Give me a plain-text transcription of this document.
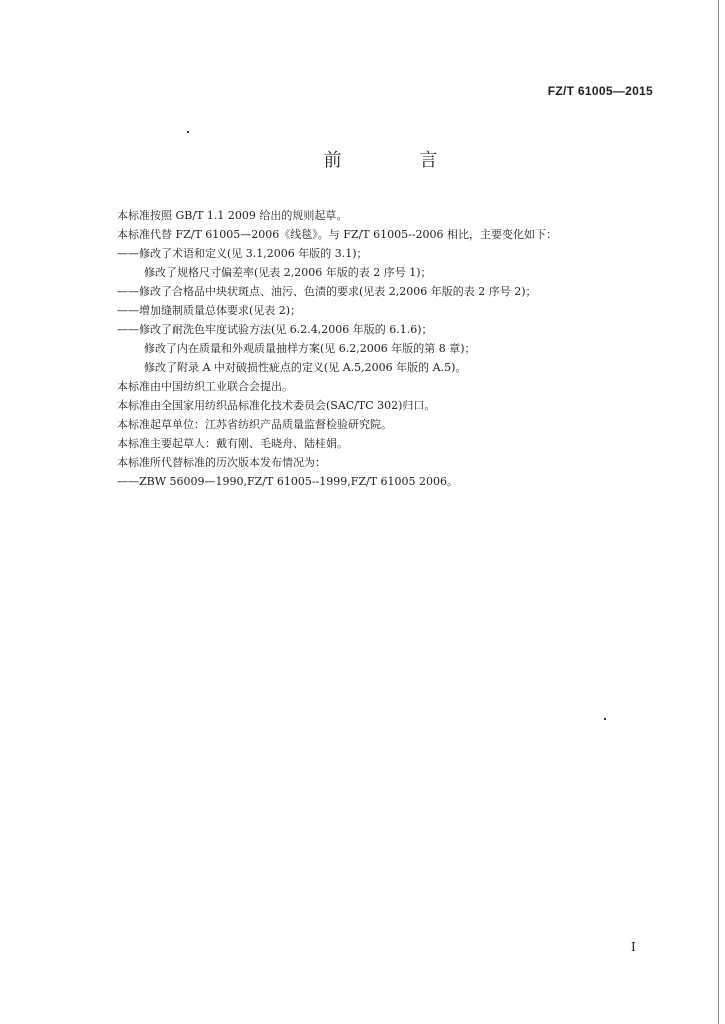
FZ/T 61005—2015
前 言
本标准按照 GB/T 1.1 2009 给出的规则起草。
本标准代替 FZ/T 61005—2006《线毯》。与 FZ/T 61005--2006 相比，主要变化如下：
——修改了术语和定义(见 3.1,2006 年版的 3.1)；
修改了规格尺寸偏差率(见表 2,2006 年版的表 2 序号 1)；
——修改了合格品中块状斑点、油污、色渍的要求(见表 2,2006 年版的表 2 序号 2)；
——增加缝制质量总体要求(见表 2)；
——修改了耐洗色牢度试验方法(见 6.2.4,2006 年版的 6.1.6)；
修改了内在质量和外观质量抽样方案(见 6.2,2006 年版的第 8 章)；
修改了附录 A 中对破损性疵点的定义(见 A.5,2006 年版的 A.5)。
本标准由中国纺织工业联合会提出。
本标准由全国家用纺织品标准化技术委员会(SAC/TC 302)归口。
本标准起草单位：江苏省纺织产品质量监督检验研究院。
本标准主要起草人：戴有刚、毛晓舟、陆桂娟。
本标准所代替标准的历次版本发布情况为：
——ZBW 56009—1990,FZ/T 61005--1999,FZ/T 61005 2006。
I
